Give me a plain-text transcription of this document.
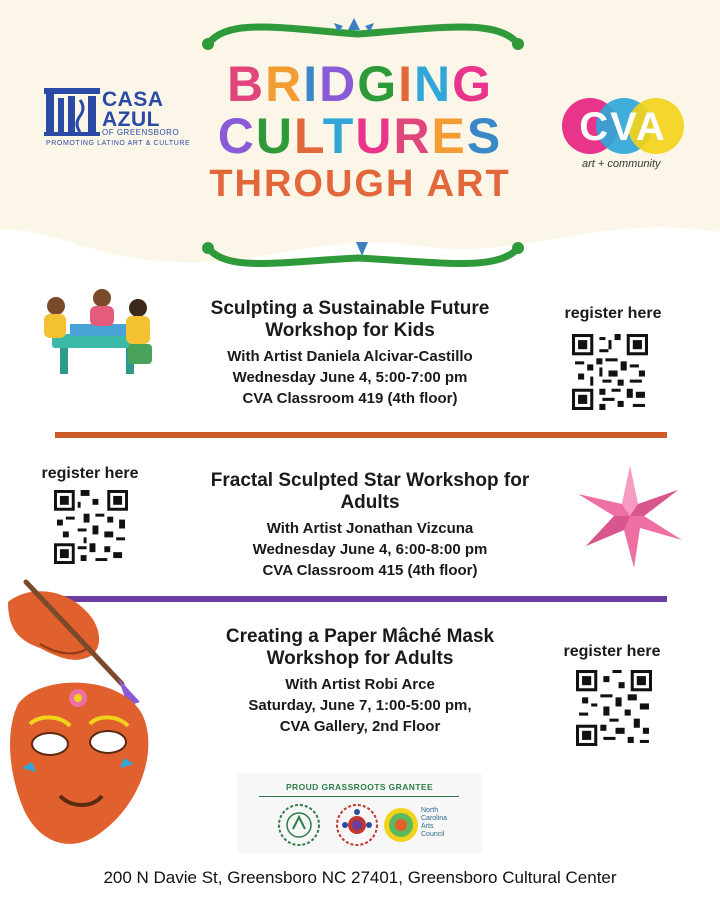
CASA
AZUL
OF GREENSBORO
PROMOTING LATINO ART & CULTURE
BRIDGING
CULTURES
THROUGH ART
CVA
art + community
Sculpting a Sustainable Future
Workshop for Kids
With Artist Daniela Alcivar-Castillo
Wednesday June 4, 5:00-7:00 pm
CVA Classroom 419 (4th floor)
register here
register here	Fractal Sculpted Star Workshop for
Adults
With Artist Jonathan Vizcuna
Wednesday June 4, 6:00-8:00 pm
CVA Classroom 415 (4th floor)
Creating a Paper Mâché Mask
Workshop for Adults
With Artist Robi Arce
Saturday, June 7, 1:00-5:00 pm,
CVA Gallery, 2nd Floor
register here
PROUD GRASSROOTS GRANTEE
North
Carolina
Arts
Council
200 N Davie St, Greensboro NC 27401, Greensboro Cultural Center
